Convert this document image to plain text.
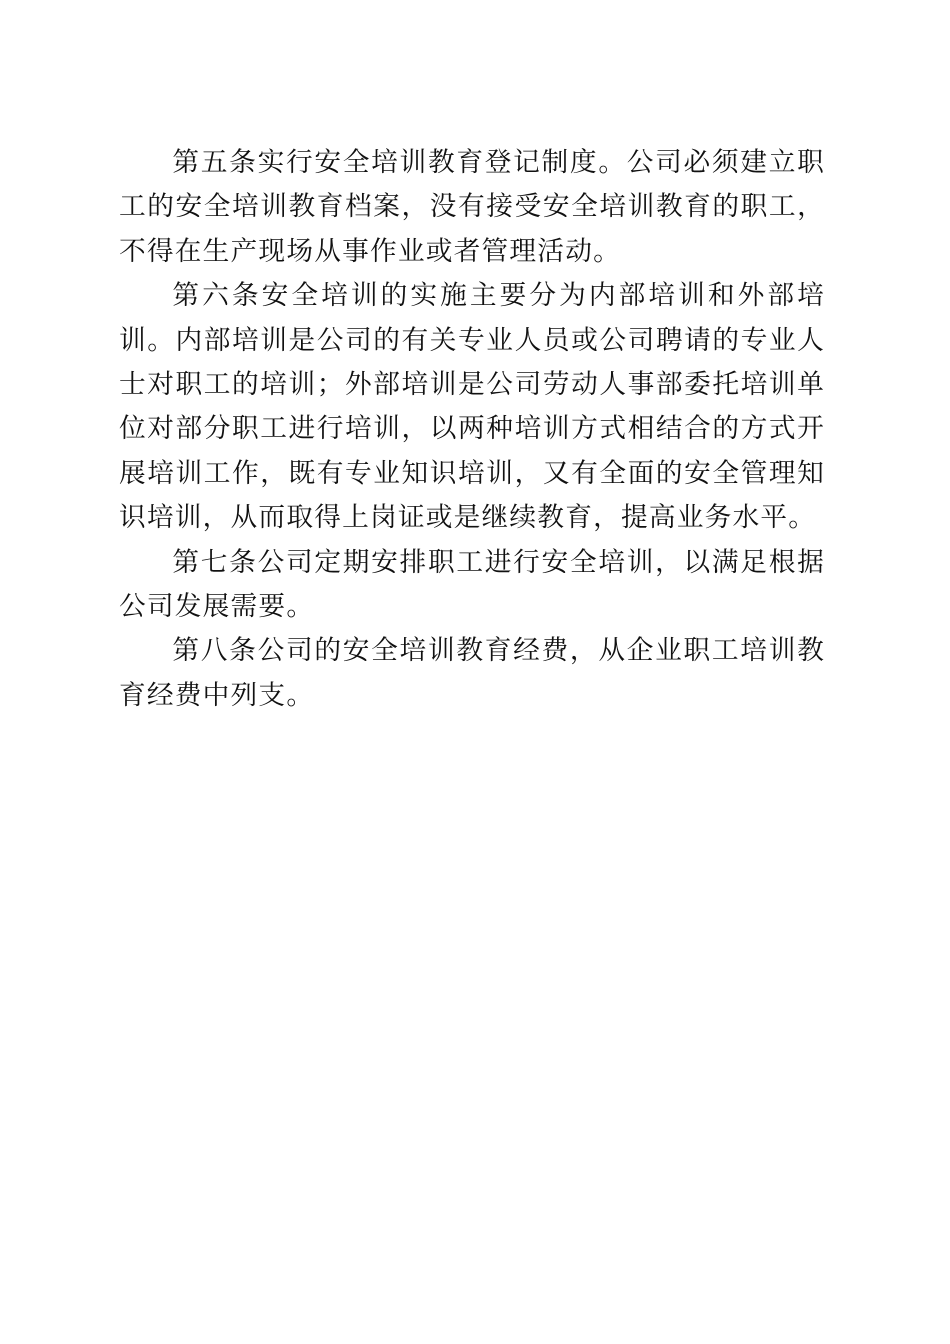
第五条实行安全培训教育登记制度。公司必须建立职工的安全培训教育档案，没有接受安全培训教育的职工，不得在生产现场从事作业或者管理活动。

第六条安全培训的实施主要分为内部培训和外部培训。内部培训是公司的有关专业人员或公司聘请的专业人士对职工的培训；外部培训是公司劳动人事部委托培训单位对部分职工进行培训，以两种培训方式相结合的方式开展培训工作，既有专业知识培训，又有全面的安全管理知识培训，从而取得上岗证或是继续教育，提高业务水平。

第七条公司定期安排职工进行安全培训，以满足根据公司发展需要。

第八条公司的安全培训教育经费，从企业职工培训教育经费中列支。
